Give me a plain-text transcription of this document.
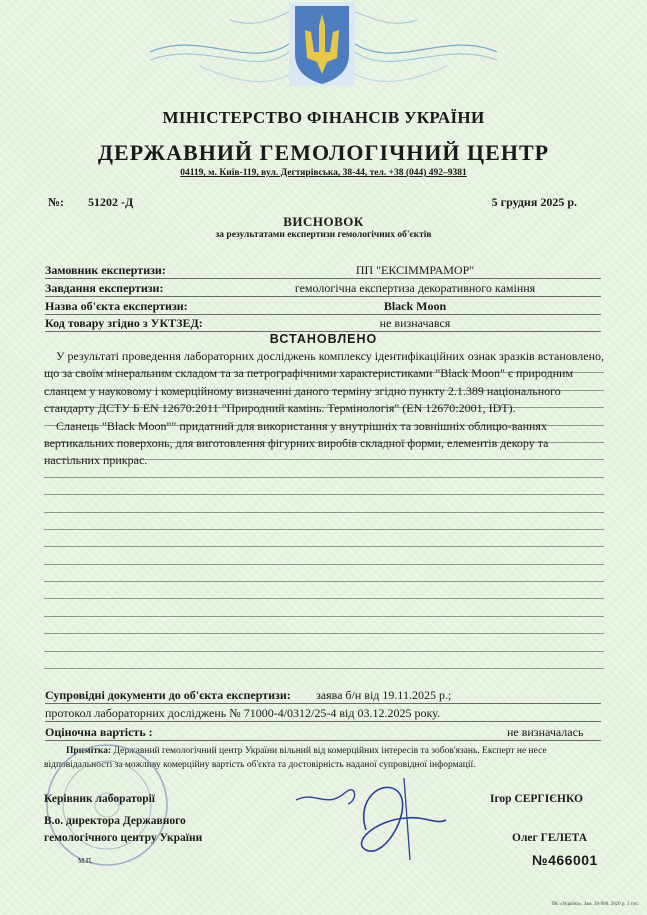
МІНІСТЕРСТВО ФІНАНСІВ УКРАЇНИ
ДЕРЖАВНИЙ ГЕМОЛОГІЧНИЙ ЦЕНТР
04119, м. Київ-119, вул. Дегтярівська, 38-44, тел. +38 (044) 492–9381
№: 51202 -Д	5 грудня 2025 р.
ВИСНОВОК
за результатами експертизи гемологічних об'єктів
Замовник експертизи:	ПП "ЕКСІММРАМОР"
Завдання експертизи:	гемологічна експертиза декоративного каміння
Назва об'єкта експертизи:	Black Moon
Код товару згідно з УКТЗЕД:	не визначався
ВСТАНОВЛЕНО

У результаті проведення лабораторних досліджень комплексу ідентифікаційних ознак зразків встановлено, що за своїм мінеральним складом та за петрографічними характеристиками "Black Moon" є природним сланцем у науковому і комерційному визначенні даного терміну згідно пункту 2.1.389 національного стандарту ДСТУ Б EN 12670:2011 "Природний камінь. Термінологія" (EN 12670:2001, IDT).

Сланець "Black Moon"" придатний для використання у внутрішніх та зовнішніх облицю-ваннях вертикальних поверхонь, для виготовлення фігурних виробів складної форми, елементів декору та настільних прикрас.

Супровідні документи до об'єкта експертизи: заява б/н від 19.11.2025 р.;
протокол лабораторних досліджень № 71000-4/0312/25-4 від 03.12.2025 року.
Оціночна вартість :	не визначалась
Примітка: Державний гемологічний центр України вільний від комерційних інтересів та зобов'язань. Експерт не несе відповідальності за можливу комерційну вартість об'єкта та достовірність наданої супровідної інформації.
Керівник лабораторії	Ігор СЕРГІЄНКО
В.о. директора Державного
гемологічного центру України	Олег ГЕЛЕТА
М.П.	№466001
ПК «Україна». Зам. 20-900. 2020 р. 1 тис.
